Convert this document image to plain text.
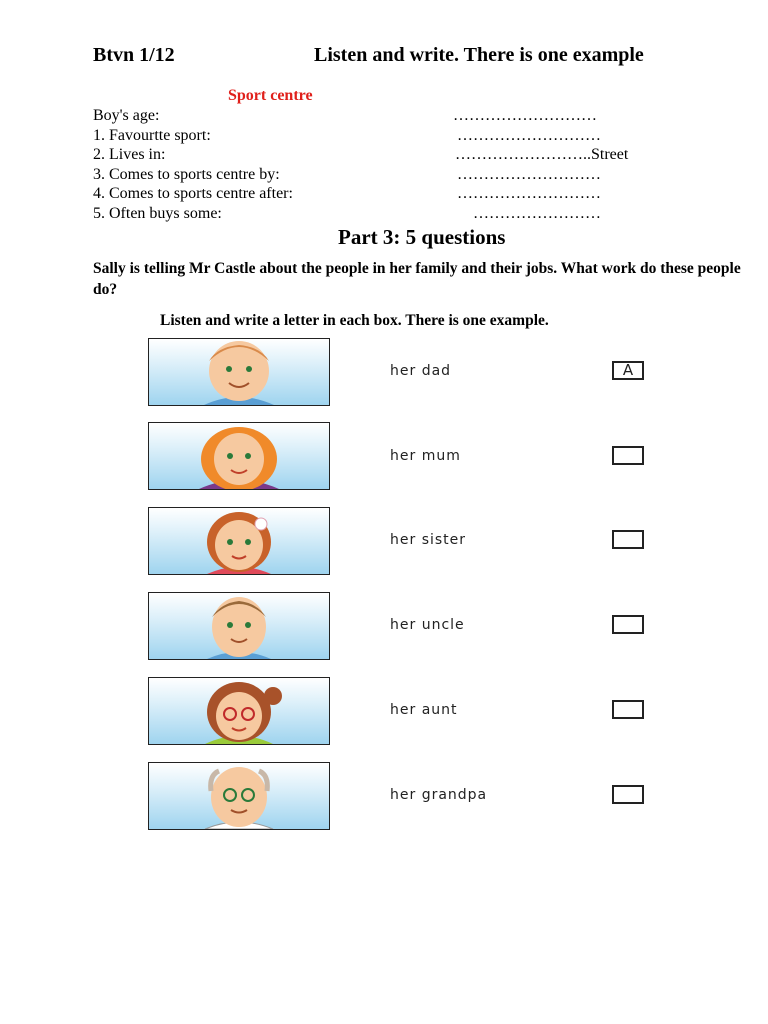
Btvn 1/12	Listen and write. There is one example
Sport centre
Boy's age:	………………………
1. Favourtte sport:	………………………
2. Lives in:	……………………..Street
3. Comes to sports centre by:	………………………
4. Comes to sports centre after:	………………………
5. Often buys some:	……………………
Part 3: 5 questions
Sally is telling Mr Castle about the people in her family and their jobs. What work do these people do?
Listen and write a letter in each box. There is one example.
her dad	A
her mum
her sister
her uncle
her aunt
her grandpa
